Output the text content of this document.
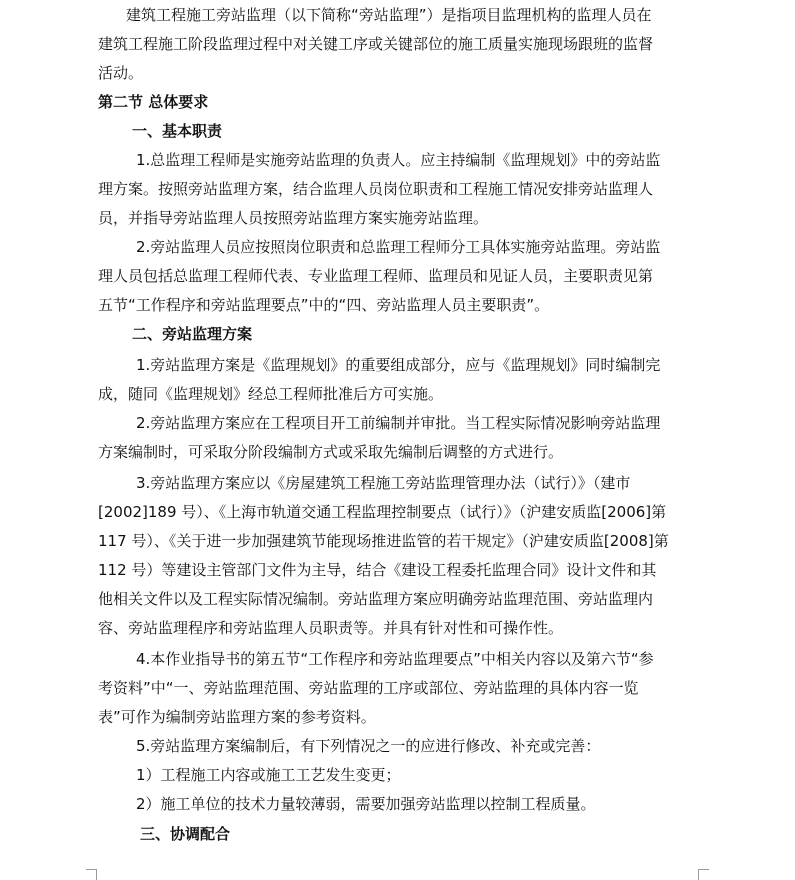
建筑工程施工旁站监理（以下简称“旁站监理”）是指项目监理机构的监理人员在
建筑工程施工阶段监理过程中对关键工序或关键部位的施工质量实施现场跟班的监督
活动。
第二节 总体要求
一、基本职责
1.总监理工程师是实施旁站监理的负责人。应主持编制《监理规划》中的旁站监
理方案。按照旁站监理方案，结合监理人员岗位职责和工程施工情况安排旁站监理人
员，并指导旁站监理人员按照旁站监理方案实施旁站监理。
2.旁站监理人员应按照岗位职责和总监理工程师分工具体实施旁站监理。旁站监
理人员包括总监理工程师代表、专业监理工程师、监理员和见证人员，主要职责见第
五节“工作程序和旁站监理要点”中的“四、旁站监理人员主要职责”。
二、旁站监理方案
1.旁站监理方案是《监理规划》的重要组成部分，应与《监理规划》同时编制完
成，随同《监理规划》经总工程师批准后方可实施。
2.旁站监理方案应在工程项目开工前编制并审批。当工程实际情况影响旁站监理
方案编制时，可采取分阶段编制方式或采取先编制后调整的方式进行。
3.旁站监理方案应以《房屋建筑工程施工旁站监理管理办法（试行）》（建市
[2002]189 号）、《上海市轨道交通工程监理控制要点（试行）》（沪建安质监[2006]第
117 号）、《关于进一步加强建筑节能现场推进监管的若干规定》（沪建安质监[2008]第
112 号）等建设主管部门文件为主导，结合《建设工程委托监理合同》设计文件和其
他相关文件以及工程实际情况编制。旁站监理方案应明确旁站监理范围、旁站监理内
容、旁站监理程序和旁站监理人员职责等。并具有针对性和可操作性。
4.本作业指导书的第五节“工作程序和旁站监理要点”中相关内容以及第六节“参
考资料”中“一、旁站监理范围、旁站监理的工序或部位、旁站监理的具体内容一览
表”可作为编制旁站监理方案的参考资料。
5.旁站监理方案编制后，有下列情况之一的应进行修改、补充或完善：
1）工程施工内容或施工工艺发生变更；
2）施工单位的技术力量较薄弱，需要加强旁站监理以控制工程质量。
三、协调配合
